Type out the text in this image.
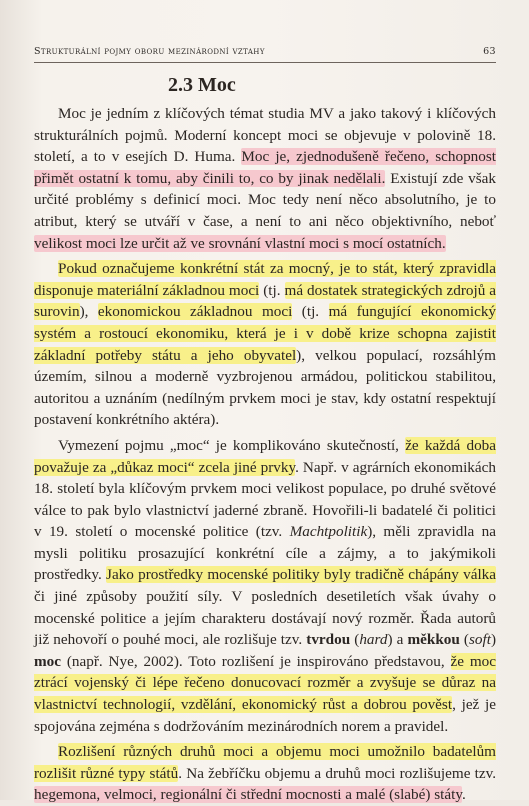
Strukturální pojmy oboru mezinárodní vztahy	63
2.3 Moc

Moc je jedním z klíčových témat studia MV a jako takový i klíčových strukturálních pojmů. Moderní koncept moci se objevuje v polovině 18. století, a to v esejích D. Huma. Moc je, zjednodušeně řečeno, schopnost přimět ostatní k tomu, aby činili to, co by jinak nedělali. Existují zde však určité problémy s definicí moci. Moc tedy není něco absolutního, je to atribut, který se utváří v čase, a není to ani něco objektivního, neboť velikost moci lze určit až ve srovnání vlastní moci s mocí ostatních.

Pokud označujeme konkrétní stát za mocný, je to stát, který zpravidla disponuje materiální základnou moci (tj. má dostatek strategických zdrojů a surovin), ekonomickou základnou moci (tj. má fungující ekonomický systém a rostoucí ekonomiku, která je i v době krize schopna zajistit základní potřeby státu a jeho obyvatel), velkou populací, rozsáhlým územím, silnou a moderně vyzbrojenou armádou, politickou stabilitou, autoritou a uznáním (nedílným prvkem moci je stav, kdy ostatní respektují postavení konkrétního aktéra).

Vymezení pojmu „moc“ je komplikováno skutečností, že každá doba považuje za „důkaz moci“ zcela jiné prvky. Např. v agrárních ekonomikách 18. století byla klíčovým prvkem moci velikost populace, po druhé světové válce to pak bylo vlastnictví jaderné zbraně. Hovořili-li badatelé či politici v 19. století o mocenské politice (tzv. Machtpolitik), měli zpravidla na mysli politiku prosazující konkrétní cíle a zájmy, a to jakýmikoli prostředky. Jako prostředky mocenské politiky byly tradičně chápány válka či jiné způsoby použití síly. V posledních desetiletích však úvahy o mocenské politice a jejím charakteru dostávají nový rozměr. Řada autorů již nehovoří o pouhé moci, ale rozlišuje tzv. tvrdou (hard) a měkkou (soft) moc (např. Nye, 2002). Toto rozlišení je inspirováno představou, že moc ztrácí vojenský či lépe řečeno donucovací rozměr a zvyšuje se důraz na vlastnictví technologií, vzdělání, ekonomický růst a dobrou pověst, jež je spojována zejména s dodržováním mezinárodních norem a pravidel.

Rozlišení různých druhů moci a objemu moci umožnilo badatelům rozlišit různé typy států. Na žebříčku objemu a druhů moci rozlišujeme tzv. hegemona, velmoci, regionální či střední mocnosti a malé (slabé) státy.
